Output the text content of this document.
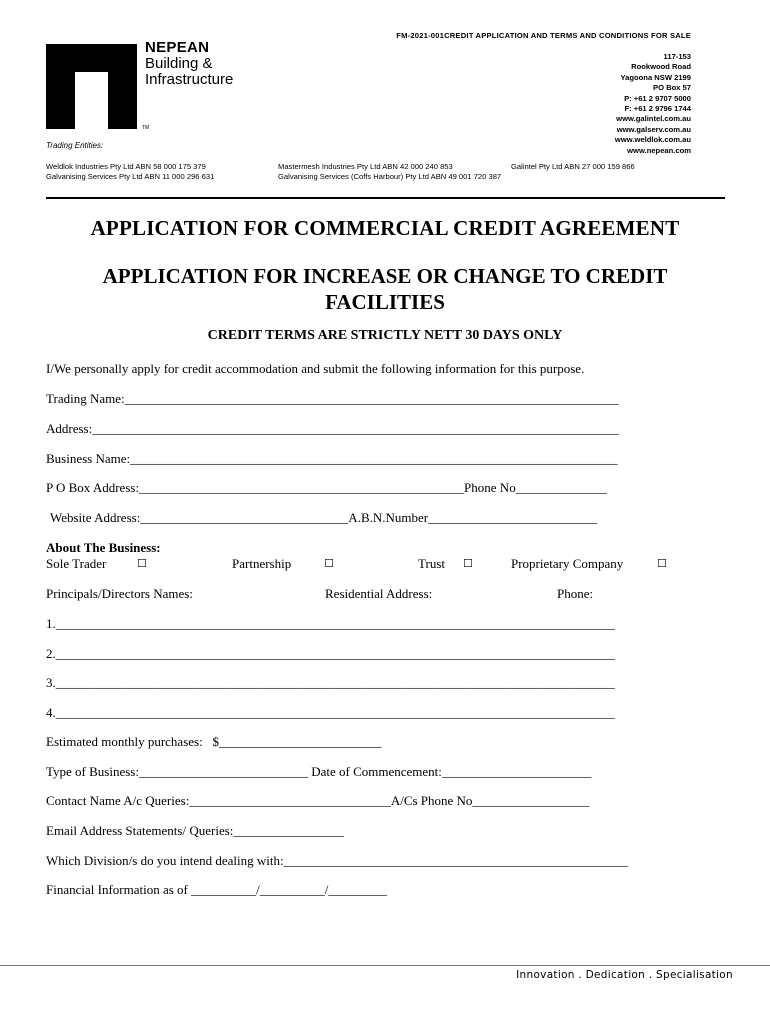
FM-2021-001CREDIT APPLICATION AND TERMS AND CONDITIONS FOR SALE
NEPEAN
Building &
Infrastructure
TM
Trading Entities:
117-153
Rookwood Road
Yagoona NSW 2199
PO Box 57
P: +61 2 9707 5000
F: +61 2 9796 1744
www.galintel.com.au
www.galserv.com.au
www.weldlok.com.au
www.nepean.com
Weldlok Industries Pty Ltd ABN 58 000 175 379
Galvanising Services Pty Ltd ABN 11 000 296 631
Mastermesh Industries Pty Ltd ABN 42 000 240 853
Galvanising Services (Coffs Harbour) Pty Ltd ABN 49 001 720 387
Galintel Pty Ltd ABN 27 000 159 866
APPLICATION FOR COMMERCIAL CREDIT AGREEMENT
APPLICATION FOR INCREASE OR CHANGE TO CREDIT FACILITIES
CREDIT TERMS ARE STRICTLY NETT 30 DAYS ONLY
I/We personally apply for credit accommodation and submit the following information for this purpose.
Trading Name:____________________________________________________________________________
Address:_________________________________________________________________________________
Business Name:___________________________________________________________________________
P O Box Address:__________________________________________________Phone No______________
Website Address:________________________________A.B.N.Number__________________________
About The Business:
Sole Trader	☐	Partnership	☐	Trust ☐	Proprietary Company	☐
Principals/Directors Names:	Residential Address:	Phone:
1.______________________________________________________________________________________
2.______________________________________________________________________________________
3.______________________________________________________________________________________
4.______________________________________________________________________________________
Estimated monthly purchases:   $_________________________
Type of Business:__________________________ Date of Commencement:_______________________
Contact Name A/c Queries:_______________________________A/Cs Phone No__________________
Email Address Statements/ Queries:_________________
Which Division/s do you intend dealing with:_____________________________________________________
Financial Information as of __________/__________/_________
Innovation . Dedication . Specialisation
